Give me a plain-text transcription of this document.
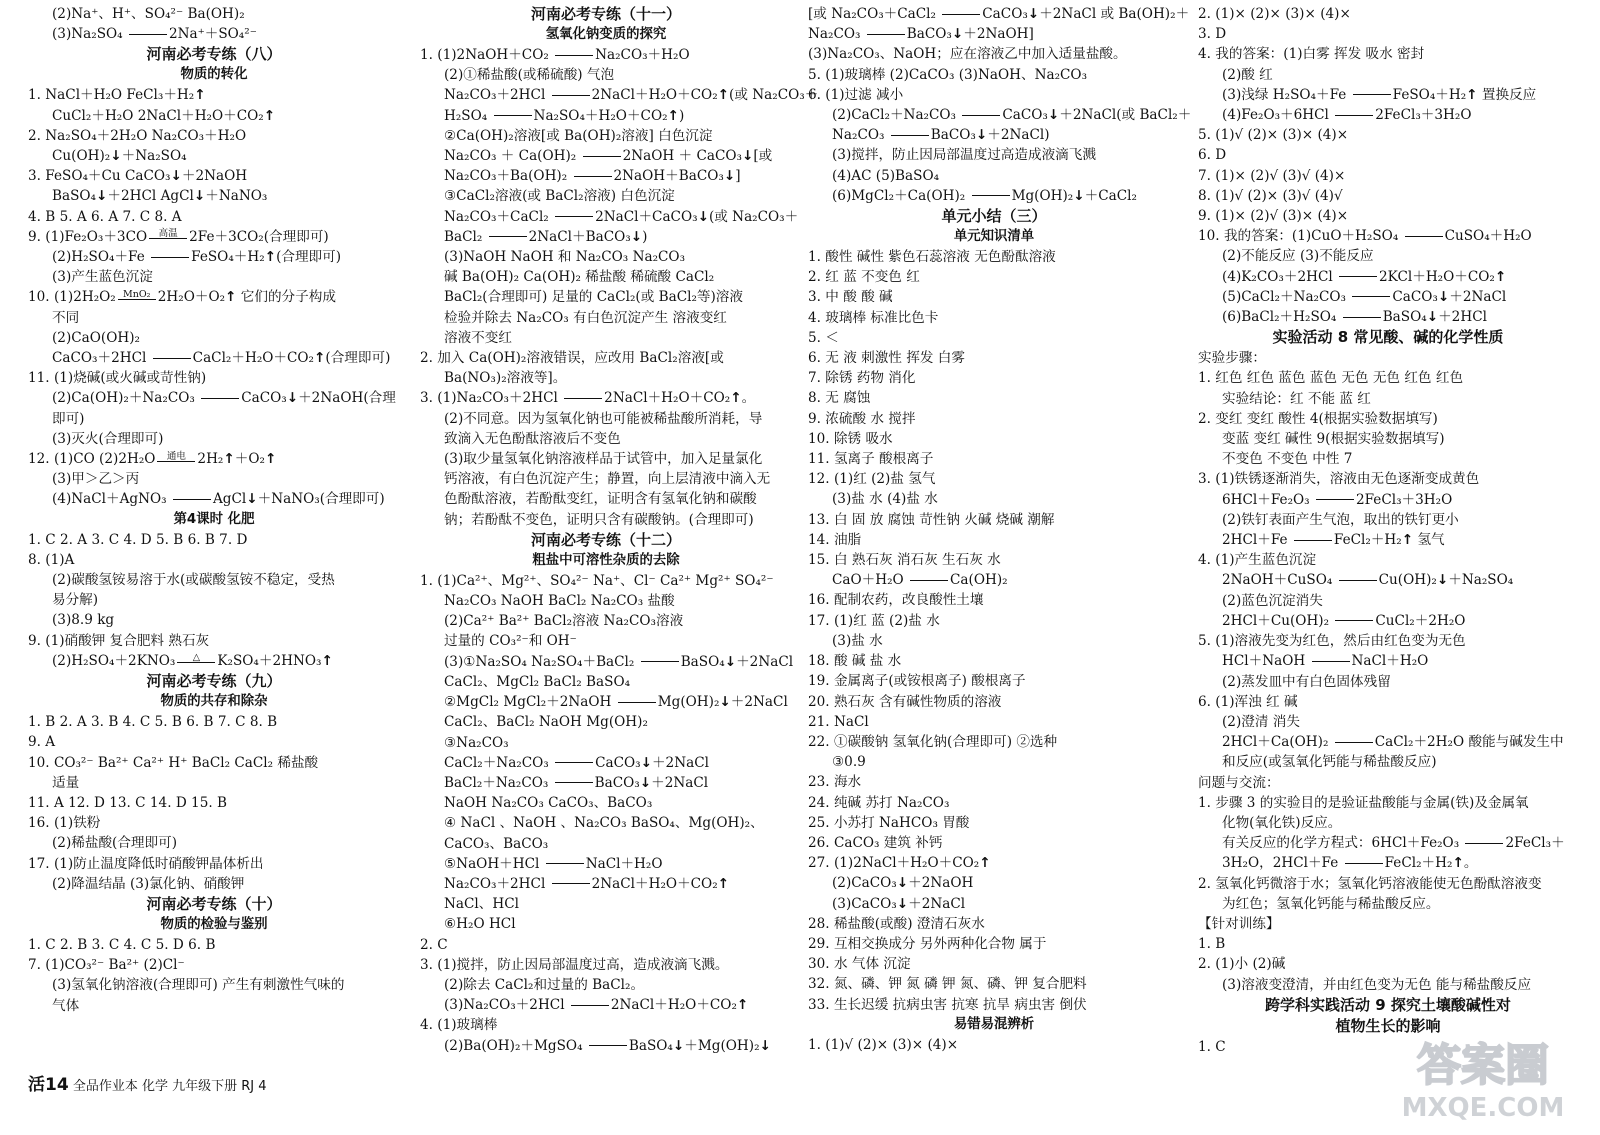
(2)Na⁺、H⁺、SO₄²⁻ Ba(OH)₂
(3)Na₂SO₄	2Na⁺＋SO₄²⁻
河南必考专练（八）
物质的转化
1. NaCl＋H₂O FeCl₃＋H₂↑
CuCl₂＋H₂O 2NaCl＋H₂O＋CO₂↑
2. Na₂SO₄＋2H₂O Na₂CO₃＋H₂O
Cu(OH)₂↓＋Na₂SO₄
3. FeSO₄＋Cu CaCO₃↓＋2NaOH
BaSO₄↓＋2HCl AgCl↓＋NaNO₃
4. B 5. A 6. A 7. C 8. A
9. (1)Fe₂O₃＋3CO	高温 2Fe＋3CO₂(合理即可)
(2)H₂SO₄＋Fe	FeSO₄＋H₂↑(合理即可)
(3)产生蓝色沉淀
10. (1)2H₂O₂ MnO₂ 2H₂O＋O₂↑ 它们的分子构成
不同
(2)CaO(OH)₂
CaCO₃＋2HCl	CaCl₂＋H₂O＋CO₂↑(合理即可)
11. (1)烧碱(或火碱或苛性钠)
(2)Ca(OH)₂＋Na₂CO₃	CaCO₃↓＋2NaOH(合理
即可)
(3)灭火(合理即可)
12. (1)CO (2)2H₂O	通电 2H₂↑＋O₂↑
(3)甲＞乙＞丙
(4)NaCl＋AgNO₃	AgCl↓＋NaNO₃(合理即可)
第4课时 化肥
1. C 2. A 3. C 4. D 5. B 6. B 7. D
8. (1)A
(2)碳酸氢铵易溶于水(或碳酸氢铵不稳定，受热
易分解)
(3)8.9 kg
9. (1)硝酸钾 复合肥料 熟石灰
(2)H₂SO₄＋2KNO₃	△	K₂SO₄＋2HNO₃↑
河南必考专练（九）
物质的共存和除杂
1. B 2. A 3. B 4. C 5. B 6. B 7. C 8. B
9. A
10. CO₃²⁻ Ba²⁺ Ca²⁺ H⁺ BaCl₂ CaCl₂ 稀盐酸
适量
11. A 12. D 13. C 14. D 15. B
16. (1)铁粉
(2)稀盐酸(合理即可)
17. (1)防止温度降低时硝酸钾晶体析出
(2)降温结晶 (3)氯化钠、硝酸钾
河南必考专练（十）
物质的检验与鉴别
1. C 2. B 3. C 4. C 5. D 6. B
7. (1)CO₃²⁻ Ba²⁺ (2)Cl⁻
(3)氢氧化钠溶液(合理即可) 产生有刺激性气味的
气体
河南必考专练（十一）
氢氧化钠变质的探究
1. (1)2NaOH＋CO₂	Na₂CO₃＋H₂O
(2)①稀盐酸(或稀硫酸) 气泡
Na₂CO₃＋2HCl	2NaCl＋H₂O＋CO₂↑(或 Na₂CO₃＋
H₂SO₄	Na₂SO₄＋H₂O＋CO₂↑)
②Ca(OH)₂溶液[或 Ba(OH)₂溶液] 白色沉淀
Na₂CO₃ ＋ Ca(OH)₂	2NaOH ＋ CaCO₃↓[或
Na₂CO₃＋Ba(OH)₂	2NaOH＋BaCO₃↓]
③CaCl₂溶液(或 BaCl₂溶液) 白色沉淀
Na₂CO₃＋CaCl₂	2NaCl＋CaCO₃↓(或 Na₂CO₃＋
BaCl₂	2NaCl＋BaCO₃↓)
(3)NaOH NaOH 和 Na₂CO₃ Na₂CO₃
碱 Ba(OH)₂ Ca(OH)₂ 稀盐酸 稀硫酸 CaCl₂
BaCl₂(合理即可) 足量的 CaCl₂(或 BaCl₂等)溶液
检验并除去 Na₂CO₃ 有白色沉淀产生 溶液变红
溶液不变红
2. 加入 Ca(OH)₂溶液错误，应改用 BaCl₂溶液[或
Ba(NO₃)₂溶液等]。
3. (1)Na₂CO₃＋2HCl	2NaCl＋H₂O＋CO₂↑。
(2)不同意。因为氢氧化钠也可能被稀盐酸所消耗，导
致滴入无色酚酞溶液后不变色
(3)取少量氢氧化钠溶液样品于试管中，加入足量氯化
钙溶液，有白色沉淀产生；静置，向上层清液中滴入无
色酚酞溶液，若酚酞变红，证明含有氢氧化钠和碳酸
钠；若酚酞不变色，证明只含有碳酸钠。(合理即可)
河南必考专练（十二）
粗盐中可溶性杂质的去除
1. (1)Ca²⁺、Mg²⁺、SO₄²⁻ Na⁺、Cl⁻ Ca²⁺ Mg²⁺ SO₄²⁻
Na₂CO₃ NaOH BaCl₂ Na₂CO₃ 盐酸
(2)Ca²⁺ Ba²⁺ BaCl₂溶液 Na₂CO₃溶液
过量的 CO₃²⁻和 OH⁻
(3)①Na₂SO₄ Na₂SO₄＋BaCl₂	BaSO₄↓＋2NaCl
CaCl₂、MgCl₂ BaCl₂ BaSO₄
②MgCl₂ MgCl₂＋2NaOH	Mg(OH)₂↓＋2NaCl
CaCl₂、BaCl₂ NaOH Mg(OH)₂
③Na₂CO₃
CaCl₂＋Na₂CO₃	CaCO₃↓＋2NaCl
BaCl₂＋Na₂CO₃	BaCO₃↓＋2NaCl
NaOH Na₂CO₃ CaCO₃、BaCO₃
④ NaCl 、NaOH 、Na₂CO₃ BaSO₄、Mg(OH)₂、
CaCO₃、BaCO₃
⑤NaOH＋HCl	NaCl＋H₂O
Na₂CO₃＋2HCl	2NaCl＋H₂O＋CO₂↑
NaCl、HCl
⑥H₂O HCl
2. C
3. (1)搅拌，防止因局部温度过高，造成液滴飞溅。
(2)除去 CaCl₂和过量的 BaCl₂。
(3)Na₂CO₃＋2HCl	2NaCl＋H₂O＋CO₂↑
4. (1)玻璃棒
(2)Ba(OH)₂＋MgSO₄	BaSO₄↓＋Mg(OH)₂↓
[或 Na₂CO₃＋CaCl₂	CaCO₃↓＋2NaCl 或 Ba(OH)₂＋
Na₂CO₃	BaCO₃↓＋2NaOH]
(3)Na₂CO₃、NaOH；应在溶液乙中加入适量盐酸。
5. (1)玻璃棒 (2)CaCO₃ (3)NaOH、Na₂CO₃
6. (1)过滤 减小
(2)CaCl₂＋Na₂CO₃	CaCO₃↓＋2NaCl(或 BaCl₂＋
Na₂CO₃	BaCO₃↓＋2NaCl)
(3)搅拌，防止因局部温度过高造成液滴飞溅
(4)AC (5)BaSO₄
(6)MgCl₂＋Ca(OH)₂	Mg(OH)₂↓＋CaCl₂
单元小结（三）
单元知识清单
1. 酸性 碱性 紫色石蕊溶液 无色酚酞溶液
2. 红 蓝 不变色 红
3. 中 酸 酸 碱
4. 玻璃棒 标准比色卡
5. ＜
6. 无 液 刺激性 挥发 白雾
7. 除锈 药物 消化
8. 无 腐蚀
9. 浓硫酸 水 搅拌
10. 除锈 吸水
11. 氢离子 酸根离子
12. (1)红 (2)盐 氢气
(3)盐 水 (4)盐 水
13. 白 固 放 腐蚀 苛性钠 火碱 烧碱 潮解
14. 油脂
15. 白 熟石灰 消石灰 生石灰 水
CaO＋H₂O	Ca(OH)₂
16. 配制农药，改良酸性土壤
17. (1)红 蓝 (2)盐 水
(3)盐 水
18. 酸 碱 盐 水
19. 金属离子(或铵根离子) 酸根离子
20. 熟石灰 含有碱性物质的溶液
21. NaCl
22. ①碳酸钠 氢氧化钠(合理即可) ②选种
③0.9
23. 海水
24. 纯碱 苏打 Na₂CO₃
25. 小苏打 NaHCO₃ 胃酸
26. CaCO₃ 建筑 补钙
27. (1)2NaCl＋H₂O＋CO₂↑
(2)CaCO₃↓＋2NaOH
(3)CaCO₃↓＋2NaCl
28. 稀盐酸(或酸) 澄清石灰水
29. 互相交换成分 另外两种化合物 属于
30. 水 气体 沉淀
32. 氮、磷、钾 氮 磷 钾 氮、磷、钾 复合肥料
33. 生长迟缓 抗病虫害 抗寒 抗旱 病虫害 倒伏
易错易混辨析
1. (1)√ (2)× (3)× (4)×
2. (1)× (2)× (3)× (4)×
3. D
4. 我的答案：(1)白雾 挥发 吸水 密封
(2)酸 红
(3)浅绿 H₂SO₄＋Fe	FeSO₄＋H₂↑ 置换反应
(4)Fe₂O₃＋6HCl	2FeCl₃＋3H₂O
5. (1)√ (2)× (3)× (4)×
6. D
7. (1)× (2)√ (3)√ (4)×
8. (1)√ (2)× (3)√ (4)√
9. (1)× (2)√ (3)× (4)×
10. 我的答案：(1)CuO＋H₂SO₄	CuSO₄＋H₂O
(2)不能反应 (3)不能反应
(4)K₂CO₃＋2HCl	2KCl＋H₂O＋CO₂↑
(5)CaCl₂＋Na₂CO₃	CaCO₃↓＋2NaCl
(6)BaCl₂＋H₂SO₄	BaSO₄↓＋2HCl
实验活动 8 常见酸、碱的化学性质
实验步骤：
1. 红色 红色 蓝色 蓝色 无色 无色 红色 红色
实验结论：红 不能 蓝 红
2. 变红 变红 酸性 4(根据实验数据填写)
变蓝 变红 碱性 9(根据实验数据填写)
不变色 不变色 中性 7
3. (1)铁锈逐渐消失，溶液由无色逐渐变成黄色
6HCl＋Fe₂O₃	2FeCl₃＋3H₂O
(2)铁钉表面产生气泡，取出的铁钉更小
2HCl＋Fe	FeCl₂＋H₂↑ 氢气
4. (1)产生蓝色沉淀
2NaOH＋CuSO₄	Cu(OH)₂↓＋Na₂SO₄
(2)蓝色沉淀消失
2HCl＋Cu(OH)₂	CuCl₂＋2H₂O
5. (1)溶液先变为红色，然后由红色变为无色
HCl＋NaOH	NaCl＋H₂O
(2)蒸发皿中有白色固体残留
6. (1)浑浊 红 碱
(2)澄清 消失
2HCl＋Ca(OH)₂	CaCl₂＋2H₂O 酸能与碱发生中
和反应(或氢氧化钙能与稀盐酸反应)
问题与交流：
1. 步骤 3 的实验目的是验证盐酸能与金属(铁)及金属氧
化物(氧化铁)反应。
有关反应的化学方程式：6HCl＋Fe₂O₃	2FeCl₃＋
3H₂O，2HCl＋Fe	FeCl₂＋H₂↑。
2. 氢氧化钙微溶于水；氢氧化钙溶液能使无色酚酞溶液变
为红色；氢氧化钙能与稀盐酸反应。
【针对训练】
1. B
2. (1)小 (2)碱
(3)溶液变澄清，并由红色变为无色 能与稀盐酸反应
跨学科实践活动 9 探究土壤酸碱性对
植物生长的影响
1. C
活14 全品作业本 化学 九年级下册 RJ 4	答案圈
MXQE.COM
